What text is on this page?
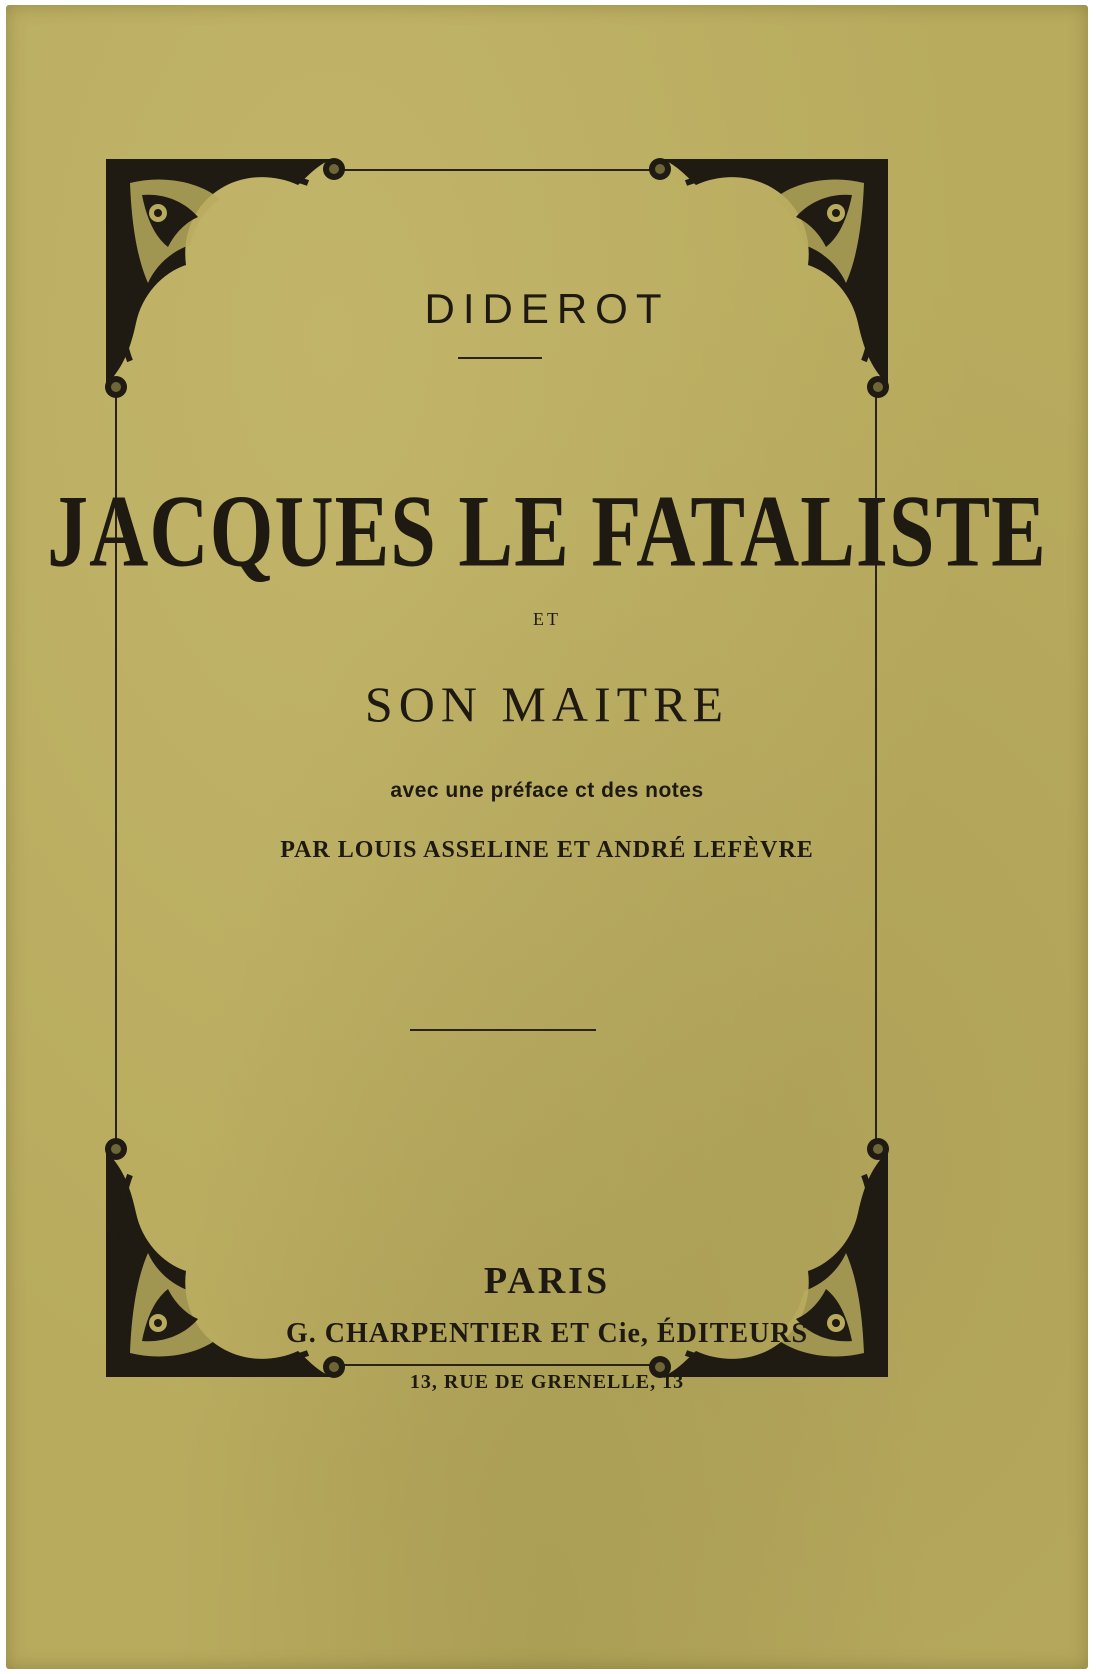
DIDEROT
JACQUES LE FATALISTE
ET
SON MAITRE
avec une préface ct des notes
PAR LOUIS ASSELINE ET ANDRÉ LEFÈVRE
PARIS
G. CHARPENTIER ET Cie, ÉDITEURS
13, RUE DE GRENELLE, 13
